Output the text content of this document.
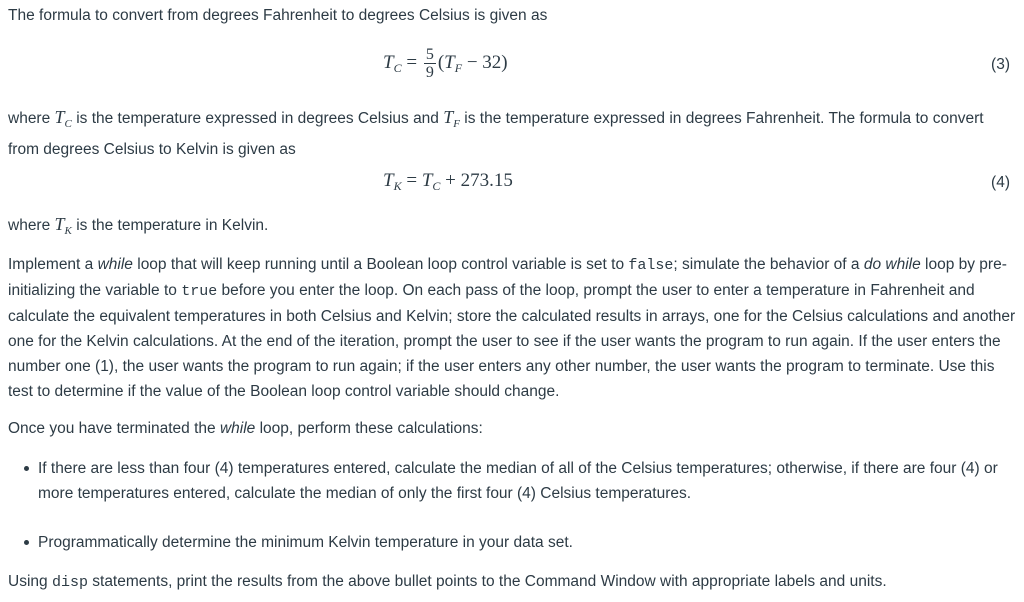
The formula to convert from degrees Fahrenheit to degrees Celsius is given as

$T_C = \frac{5}{9} (T_F - 32)$	(3)

where $T_C$ is the temperature expressed in degrees Celsius and $T_F$ is the temperature expressed in degrees Fahrenheit. The formula to convert from degrees Celsius to Kelvin is given as

$T_K = T_C + 273.15$	(4)

where $T_K$ is the temperature in Kelvin.

Implement a while loop that will keep running until a Boolean loop control variable is set to false; simulate the behavior of a do while loop by pre-initializing the variable to true before you enter the loop. On each pass of the loop, prompt the user to enter a temperature in Fahrenheit and calculate the equivalent temperatures in both Celsius and Kelvin; store the calculated results in arrays, one for the Celsius calculations and another one for the Kelvin calculations. At the end of the iteration, prompt the user to see if the user wants the program to run again. If the user enters the number one (1), the user wants the program to run again; if the user enters any other number, the user wants the program to terminate. Use this test to determine if the value of the Boolean loop control variable should change.

Once you have terminated the while loop, perform these calculations:

If there are less than four (4) temperatures entered, calculate the median of all of the Celsius temperatures; otherwise, if there are four (4) or more temperatures entered, calculate the median of only the first four (4) Celsius temperatures.
Programmatically determine the minimum Kelvin temperature in your data set.

Using disp statements, print the results from the above bullet points to the Command Window with appropriate labels and units.
